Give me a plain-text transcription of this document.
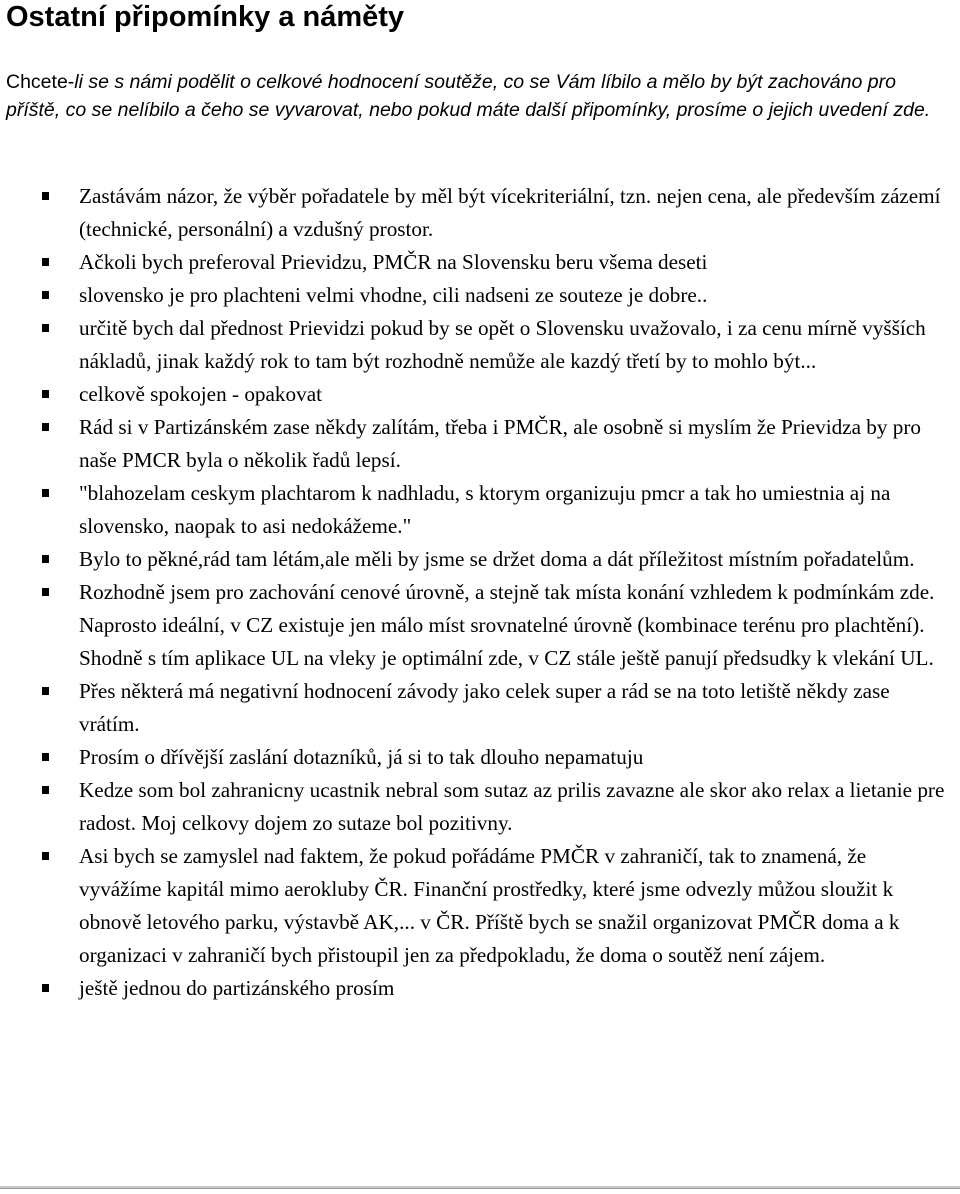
Ostatní připomínky a náměty

Chcete-li se s námi podělit o celkové hodnocení soutěže, co se Vám líbilo a mělo by být zachováno pro příště, co se nelíbilo a čeho se vyvarovat, nebo pokud máte další připomínky, prosíme o jejich uvedení zde.

Zastávám názor, že výběr pořadatele by měl být vícekriteriální, tzn. nejen cena, ale především zázemí (technické, personální) a vzdušný prostor.
Ačkoli bych preferoval Prievidzu, PMČR na Slovensku beru všema deseti
slovensko je pro plachteni velmi vhodne, cili nadseni ze souteze je dobre..
určitě bych dal přednost Prievidzi pokud by se opět o Slovensku uvažovalo, i za cenu mírně vyšších nákladů, jinak každý rok to tam být rozhodně nemůže ale kazdý třetí by to mohlo být...
celkově spokojen - opakovat
Rád si v Partizánském zase někdy zalítám, třeba i PMČR, ale osobně si myslím že Prievidza by pro naše PMCR byla o několik řadů lepsí.
"blahozelam ceskym plachtarom k nadhladu, s ktorym organizuju pmcr a tak ho umiestnia aj na slovensko, naopak to asi nedokážeme."
Bylo to pěkné,rád tam létám,ale měli by jsme se držet doma a dát příležitost místním pořadatelům.
Rozhodně jsem pro zachování cenové úrovně, a stejně tak místa konání vzhledem k podmínkám zde. Naprosto ideální, v CZ existuje jen málo míst srovnatelné úrovně (kombinace terénu pro plachtění). Shodně s tím aplikace UL na vleky je optimální zde, v CZ stále ještě panují předsudky k vlekání UL.
Přes některá má negativní hodnocení závody jako celek super a rád se na toto letiště někdy zase vrátím.
Prosím o dřívější zaslání dotazníků, já si to tak dlouho nepamatuju
Kedze som bol zahranicny ucastnik nebral som sutaz az prilis zavazne ale skor ako relax a lietanie pre radost. Moj celkovy dojem zo sutaze bol pozitivny.
Asi bych se zamyslel nad faktem, že pokud pořádáme PMČR v zahraničí, tak to znamená, že vyvážíme kapitál mimo aerokluby ČR. Finanční prostředky, které jsme odvezly můžou sloužit k obnově letového parku, výstavbě AK,... v ČR. Příště bych se snažil organizovat PMČR doma a k organizaci v zahraničí bych přistoupil jen za předpokladu, že doma o soutěž není zájem.
ještě jednou do partizánského prosím
